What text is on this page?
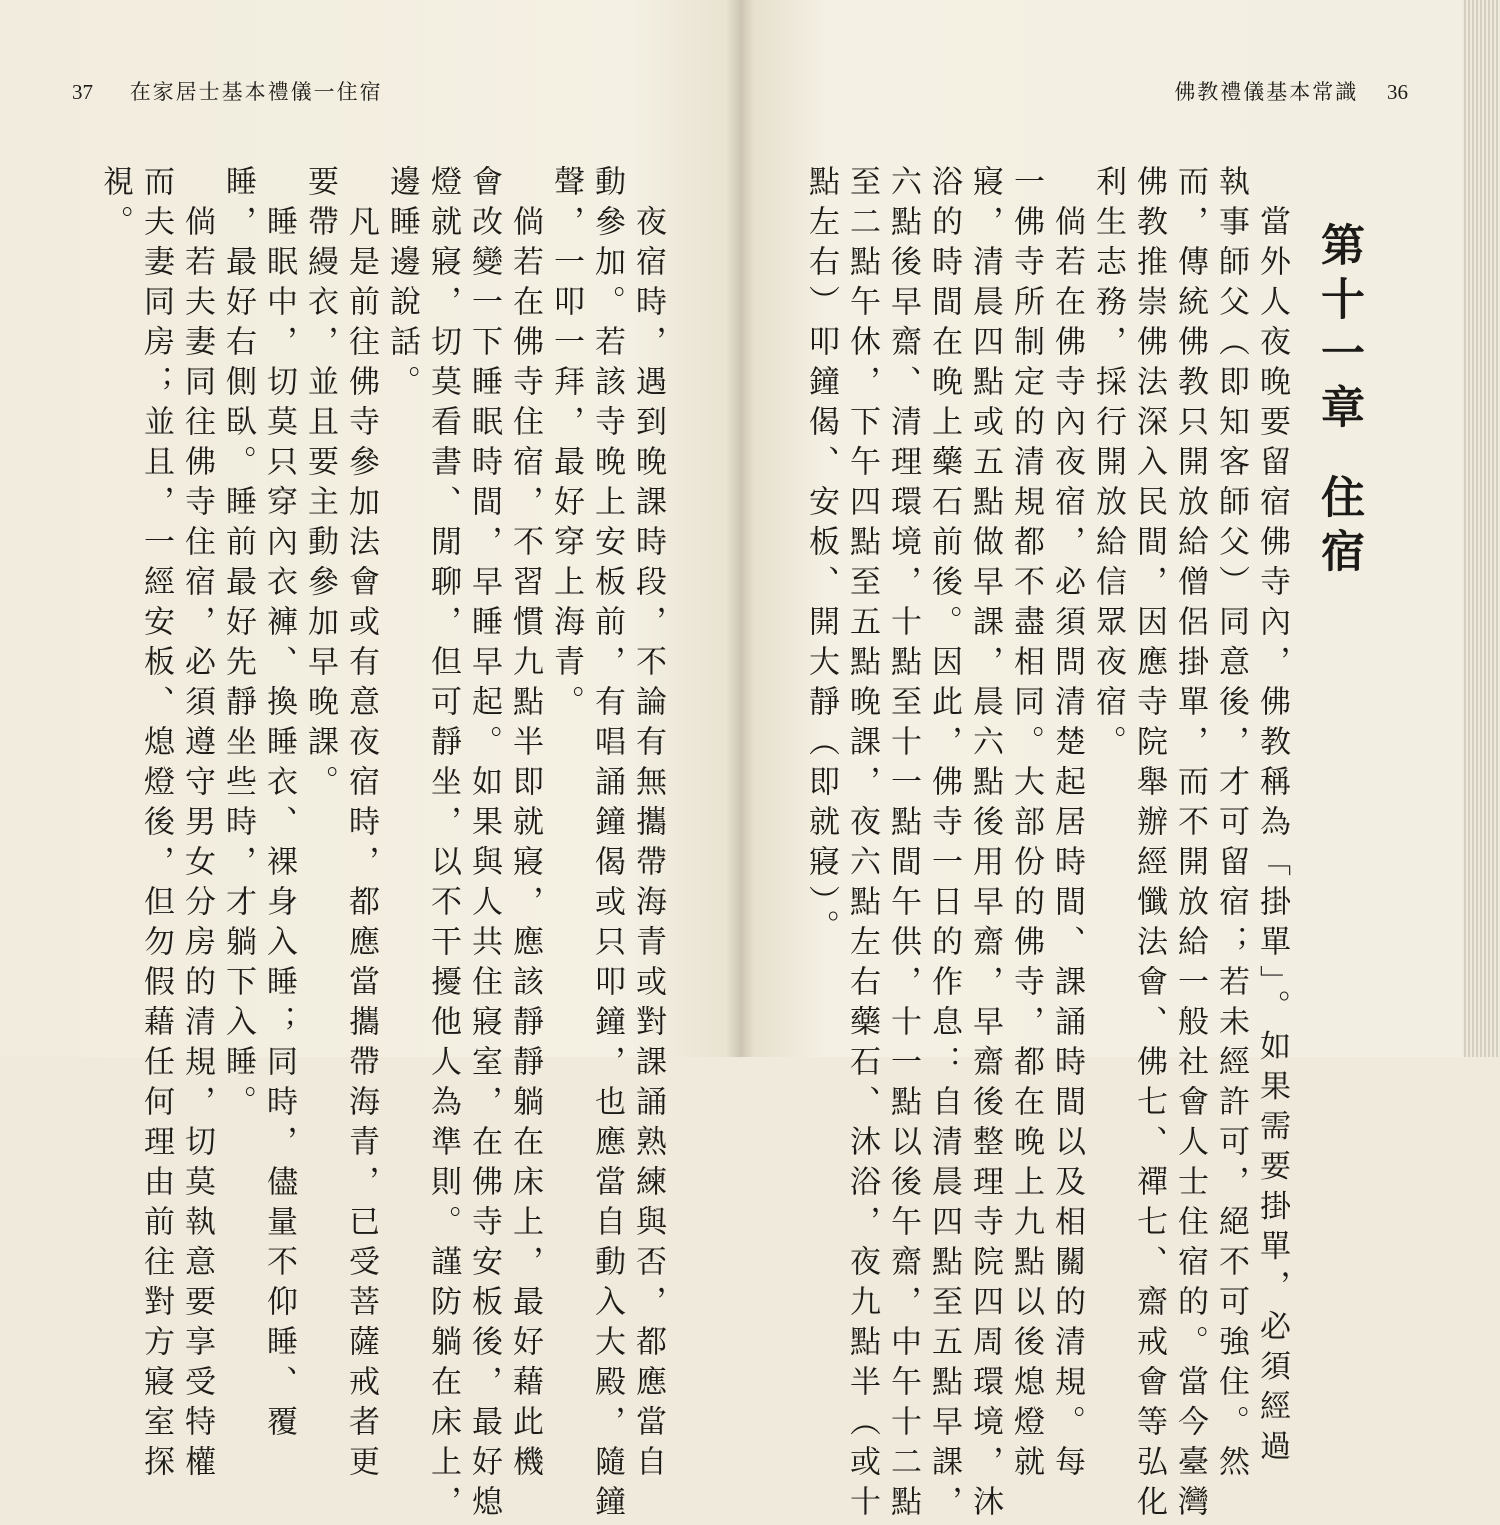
37 在家居士基本禮儀一住宿	佛教禮儀基本常識 36
第十一章住宿
　當外人夜晚要留宿佛寺內，佛教稱為「掛單」。如果需要掛單，必須經過
執事師父（即知客師父）同意後，才可留宿；若未經許可，絕不可強住。然
而，傳統佛教只開放給僧侶掛單，而不開放給一般社會人士住宿的。當今臺灣
佛教推崇佛法深入民間，因應寺院舉辦經懺法會、佛七、禪七、齋戒會等弘化
利生志務，採行開放給信眾夜宿。
　倘若在佛寺內夜宿，必須問清楚起居時間、課誦時間以及相關的清規。每
一佛寺所制定的清規都不盡相同。大部份的佛寺，都在晚上九點以後熄燈就
寢，清晨四點或五點做早課，晨六點後用早齋，早齋後整理寺院四周環境，沐
浴的時間在晚上藥石前後。因此，佛寺一日的作息：自清晨四點至五點早課，
六點後早齋、清理環境，十點至十一點間午供，十一點以後午齋，中午十二點
至二點午休，下午四點至五點晚課，夜六點左右藥石、沐浴，夜九點半（或十
點左右）叩鐘偈、安板、開大靜（即就寢）。
　夜宿時，遇到晚課時段，不論有無攜帶海青或對課誦熟練與否，都應當自
動參加。若該寺晚上安板前，有唱誦鐘偈或只叩鐘，也應當自動入大殿，隨鐘
聲，一叩一拜，最好穿上海青。
　倘若在佛寺住宿，不習慣九點半即就寢，應該靜靜躺在床上，最好藉此機
會改變一下睡眠時間，早睡早起。如果與人共住寢室，在佛寺安板後，最好熄
燈就寢，切莫看書、閒聊，但可靜坐，以不干擾他人為準則。謹防躺在床上，
邊睡邊說話。
　凡是前往佛寺參加法會或有意夜宿時，都應當攜帶海青，已受菩薩戒者更
要帶縵衣，並且要主動參加早晚課。
　睡眠中，切莫只穿內衣褲、換睡衣、裸身入睡；同時，儘量不仰睡、覆
睡，最好右側臥。睡前最好先靜坐些時，才躺下入睡。
　倘若夫妻同往佛寺住宿，必須遵守男女分房的清規，切莫執意要享受特權
而夫妻同房；並且，一經安板、熄燈後，但勿假藉任何理由前往對方寢室探
視。
